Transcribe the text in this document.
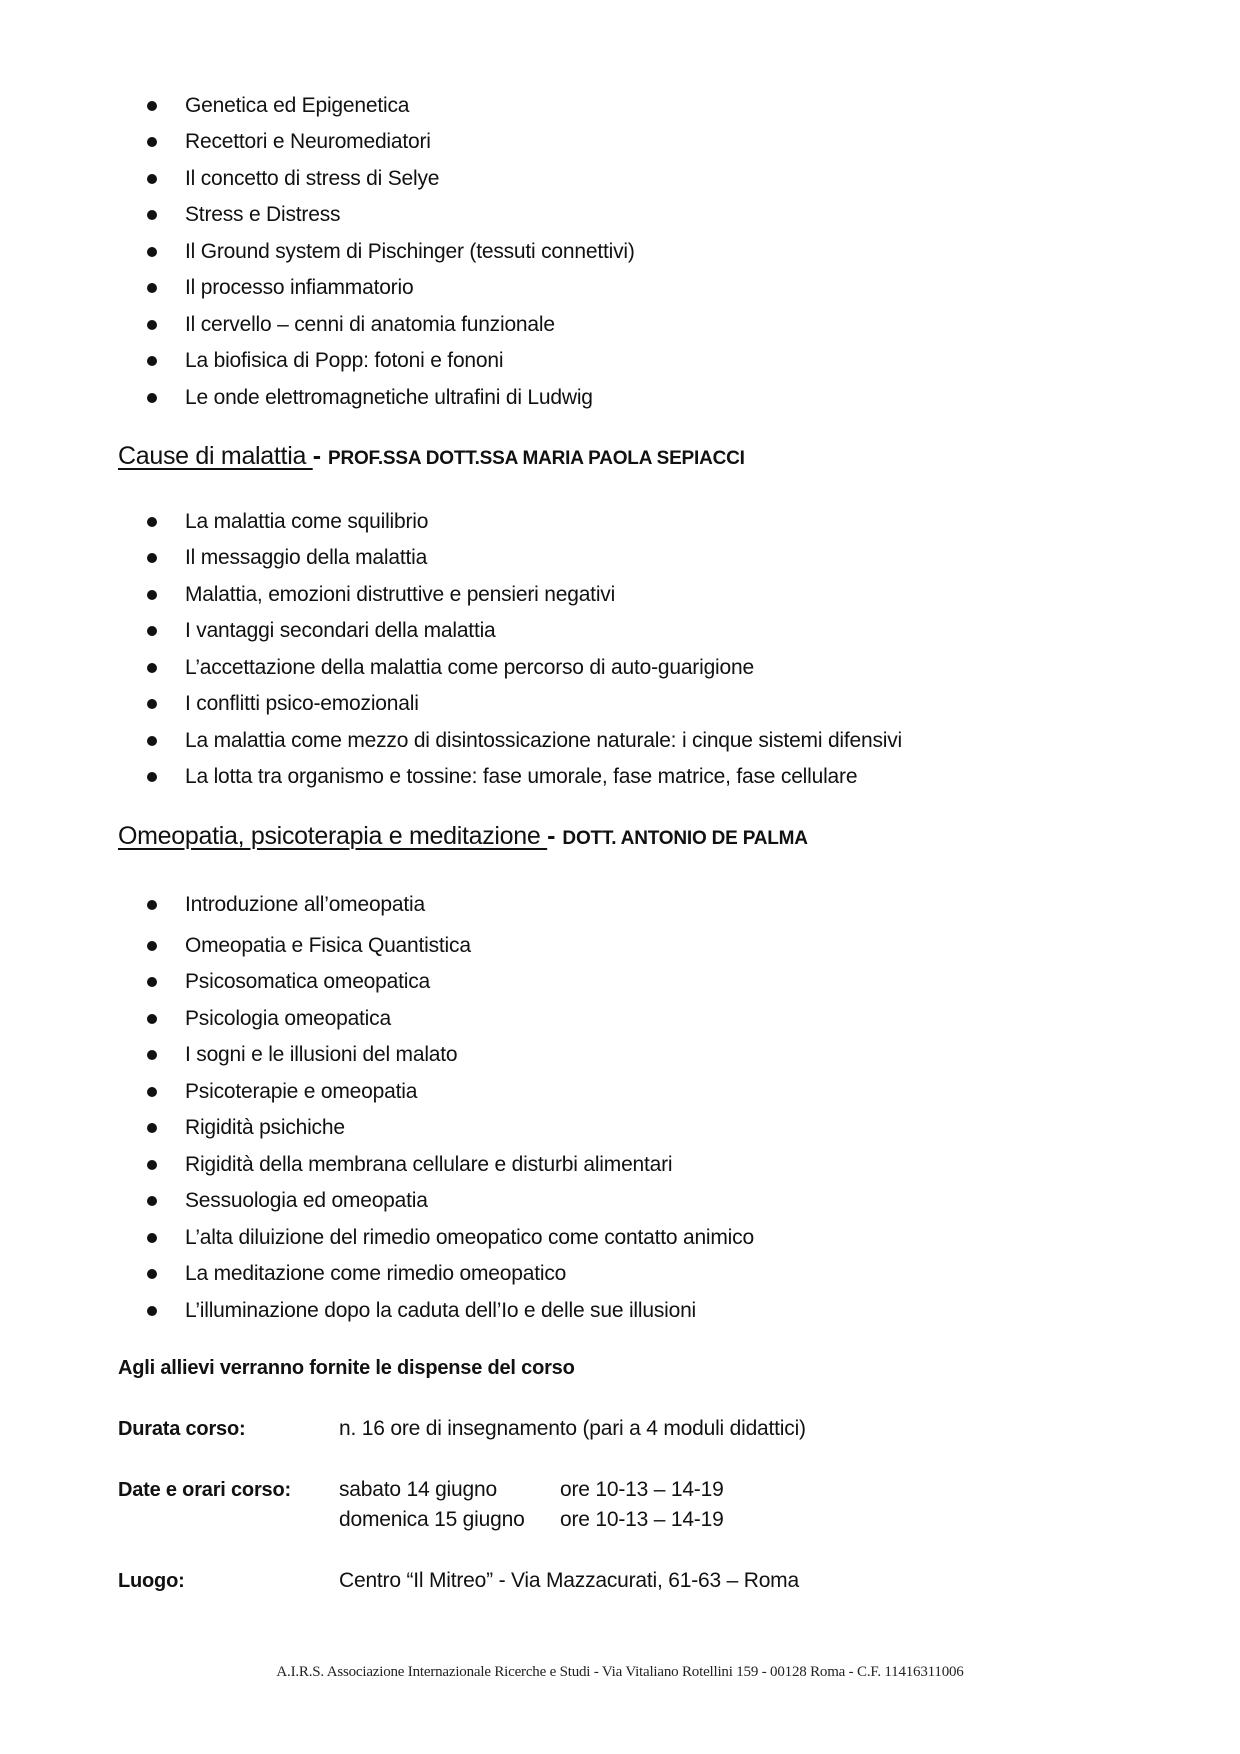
Genetica ed Epigenetica
Recettori e Neuromediatori
Il concetto di stress di Selye
Stress e Distress
Il Ground system di Pischinger (tessuti connettivi)
Il processo infiammatorio
Il cervello – cenni di anatomia funzionale
La biofisica di Popp: fotoni e fononi
Le onde elettromagnetiche ultrafini di Ludwig
Cause di malattia - PROF.SSA DOTT.SSA MARIA PAOLA SEPIACCI
La malattia come squilibrio
Il messaggio della malattia
Malattia, emozioni distruttive e pensieri negativi
I vantaggi secondari della malattia
L’accettazione della malattia come percorso di auto-guarigione
I conflitti psico-emozionali
La malattia come mezzo di disintossicazione naturale: i cinque sistemi difensivi
La lotta tra organismo e tossine: fase umorale, fase matrice, fase cellulare
Omeopatia, psicoterapia e meditazione - DOTT. ANTONIO DE PALMA
Introduzione all’omeopatia
Omeopatia e Fisica Quantistica
Psicosomatica omeopatica
Psicologia omeopatica
I sogni e le illusioni del malato
Psicoterapie e omeopatia
Rigidità psichiche
Rigidità della membrana cellulare e disturbi alimentari
Sessuologia ed omeopatia
L’alta diluizione del rimedio omeopatico come contatto animico
La meditazione come rimedio omeopatico
L’illuminazione dopo la caduta dell’Io e delle sue illusioni
Agli allievi verranno fornite le dispense del corso
Durata corso:	n. 16 ore di insegnamento (pari a 4 moduli didattici)
Date e orari corso: sabato 14 giugno	ore 10-13 – 14-19
domenica 15 giugno ore 10-13 – 14-19
Luogo:	Centro “Il Mitreo” - Via Mazzacurati, 61-63 – Roma
A.I.R.S. Associazione Internazionale Ricerche e Studi - Via Vitaliano Rotellini 159 - 00128 Roma - C.F. 11416311006
